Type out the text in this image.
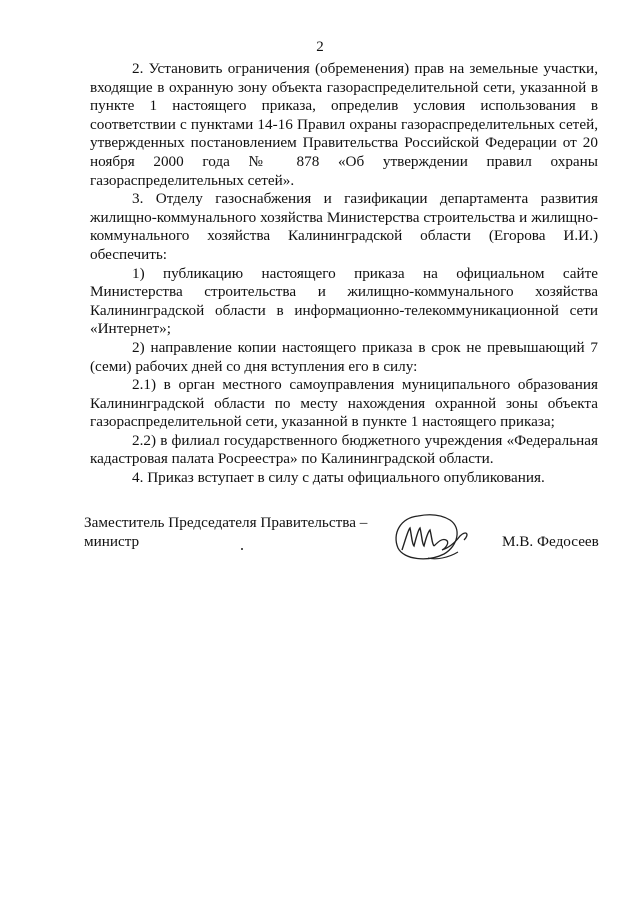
2

2. Установить ограничения (обременения) прав на земельные участки, входящие в охранную зону объекта газораспределительной сети, указанной в пункте 1 настоящего приказа, определив условия использования в соответствии с пунктами 14-16 Правил охраны газораспределительных сетей, утвержденных постановлением Правительства Российской Федерации от 20 ноября 2000 года № 878 «Об утверждении правил охраны газораспределительных сетей».

3. Отделу газоснабжения и газификации департамента развития жилищно-коммунального хозяйства Министерства строительства и жилищно-коммунального хозяйства Калининградской области (Егорова И.И.) обеспечить:

1) публикацию настоящего приказа на официальном сайте Министерства строительства и жилищно-коммунального хозяйства Калининградской области в информационно-телекоммуникационной сети «Интернет»;

2) направление копии настоящего приказа в срок не превышающий 7 (семи) рабочих дней со дня вступления его в силу:

2.1) в орган местного самоуправления муниципального образования Калининградской области по месту нахождения охранной зоны объекта газораспределительной сети, указанной в пункте 1 настоящего приказа;

2.2) в филиал государственного бюджетного учреждения «Федеральная кадастровая палата Росреестра» по Калининградской области.

4. Приказ вступает в силу с даты официального опубликования.

Заместитель Председателя Правительства –
министр	М.В. Федосеев
